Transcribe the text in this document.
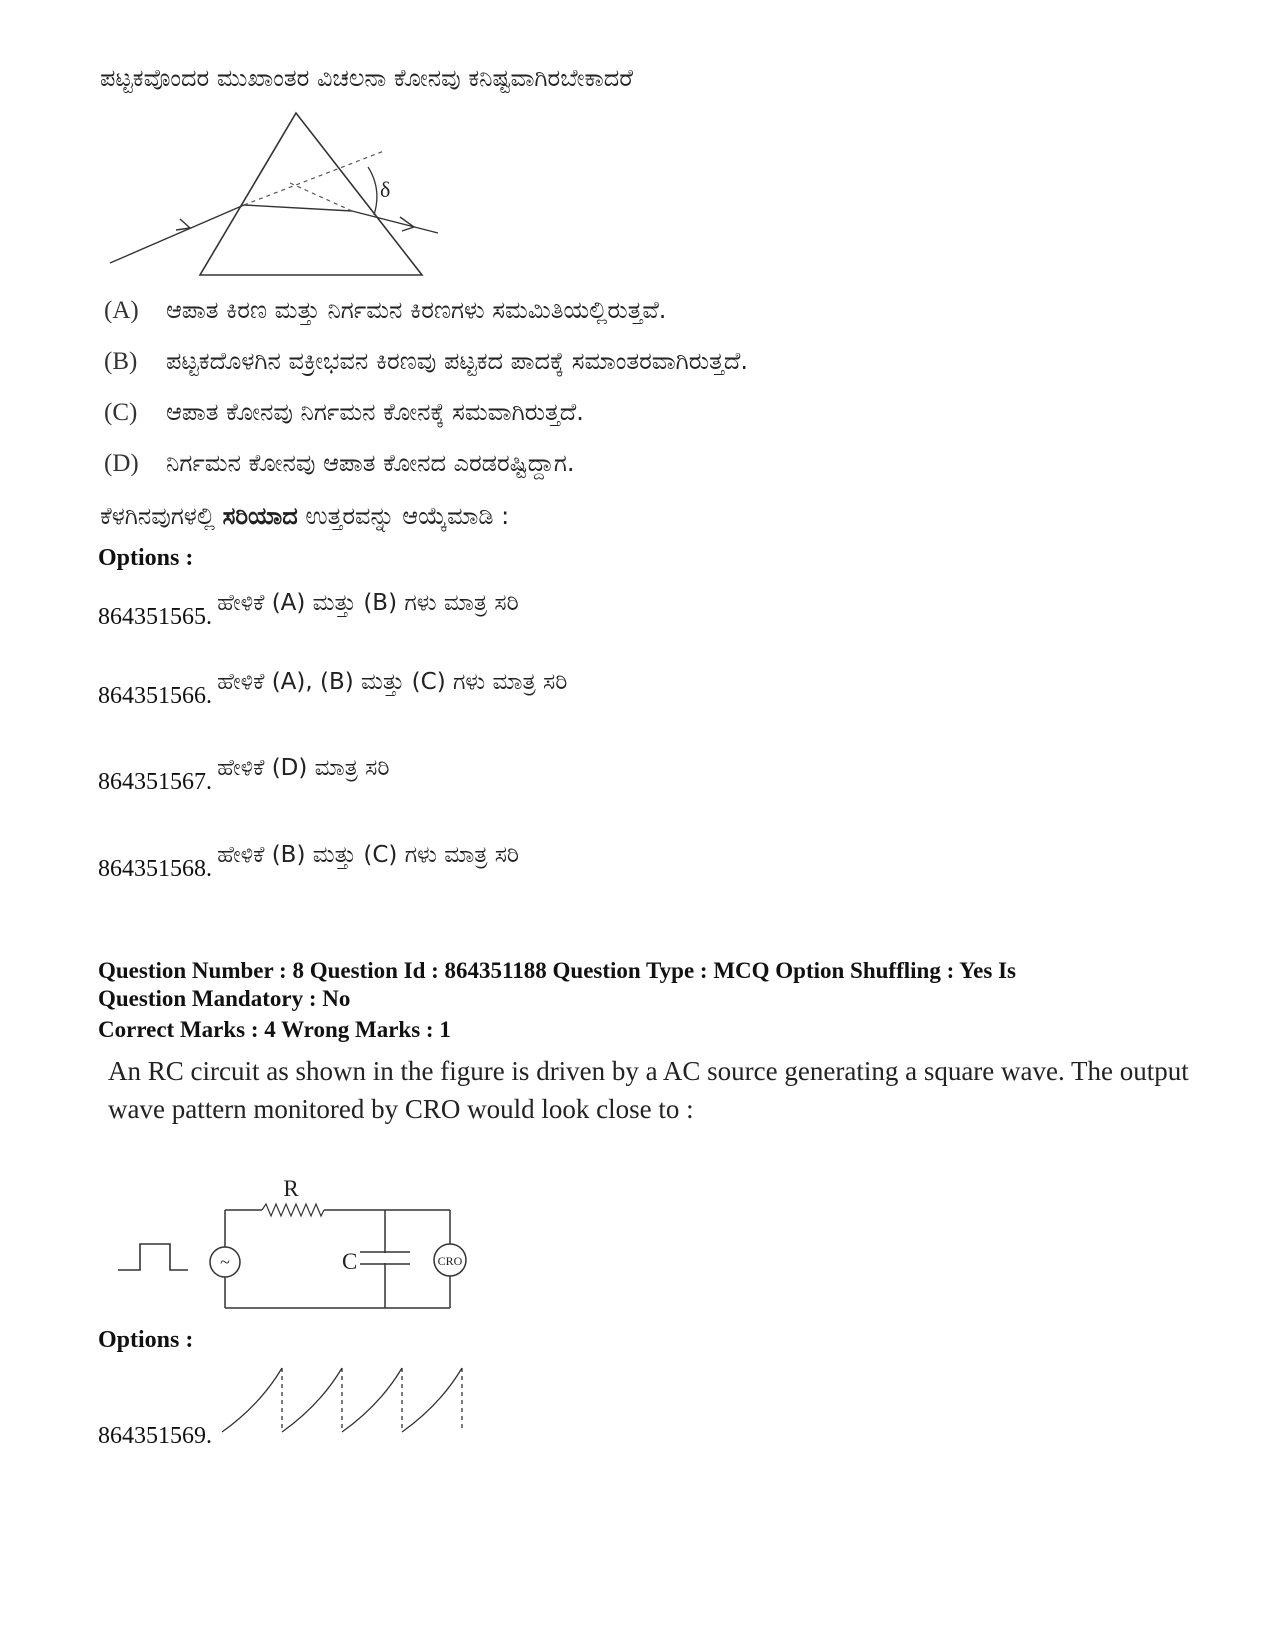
ಪಟ್ಟಕವೊಂದರ ಮುಖಾಂತರ ವಿಚಲನಾ ಕೋನವು ಕನಿಷ್ಟವಾಗಿರಬೇಕಾದರೆ
δ
(A)	ಆಪಾತ ಕಿರಣ ಮತ್ತು ನಿರ್ಗಮನ ಕಿರಣಗಳು ಸಮಮಿತಿಯಲ್ಲಿರುತ್ತವೆ.
(B)	ಪಟ್ಟಕದೊಳಗಿನ ವಕ್ರೀಭವನ ಕಿರಣವು ಪಟ್ಟಕದ ಪಾದಕ್ಕೆ ಸಮಾಂತರವಾಗಿರುತ್ತದೆ.
(C)	ಆಪಾತ ಕೋನವು ನಿರ್ಗಮನ ಕೋನಕ್ಕೆ ಸಮವಾಗಿರುತ್ತದೆ.
(D)	ನಿರ್ಗಮನ ಕೋನವು ಆಪಾತ ಕೋನದ ಎರಡರಷ್ಟಿದ್ದಾಗ.
ಕೆಳಗಿನವುಗಳಲ್ಲಿ ಸರಿಯಾದ ಉತ್ತರವನ್ನು ಆಯ್ಕೆಮಾಡಿ :
Options :
864351565. ಹೇಳಿಕೆ (A) ಮತ್ತು (B) ಗಳು ಮಾತ್ರ ಸರಿ
864351566. ಹೇಳಿಕೆ (A), (B) ಮತ್ತು (C) ಗಳು ಮಾತ್ರ ಸರಿ
864351567. ಹೇಳಿಕೆ (D) ಮಾತ್ರ ಸರಿ
864351568. ಹೇಳಿಕೆ (B) ಮತ್ತು (C) ಗಳು ಮಾತ್ರ ಸರಿ
Question Number : 8 Question Id : 864351188 Question Type : MCQ Option Shuffling : Yes Is
Question Mandatory : No
Correct Marks : 4 Wrong Marks : 1
An RC circuit as shown in the figure is driven by a AC source generating a square wave. The output wave pattern monitored by CRO would look close to :
~
R
C	CRO
Options :
864351569.
